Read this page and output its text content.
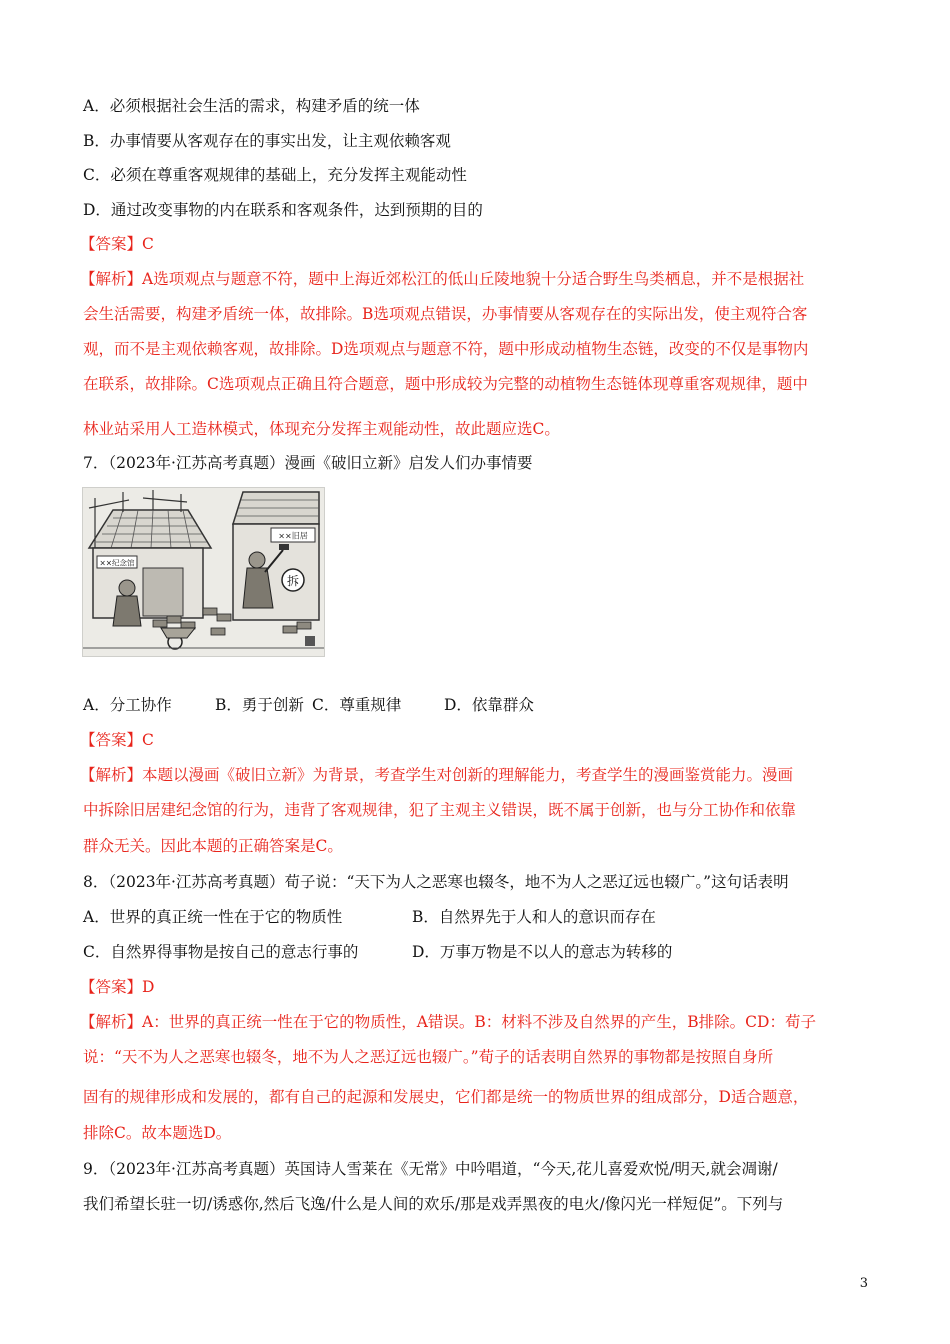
A．必须根据社会生活的需求，构建矛盾的统一体
B．办事情要从客观存在的事实出发，让主观依赖客观
C．必须在尊重客观规律的基础上，充分发挥主观能动性
D．通过改变事物的内在联系和客观条件，达到预期的目的
【答案】C
【解析】A选项观点与题意不符，题中上海近郊松江的低山丘陵地貌十分适合野生鸟类栖息，并不是根据社
会生活需要，构建矛盾统一体，故排除。B选项观点错误，办事情要从客观存在的实际出发，使主观符合客
观，而不是主观依赖客观，故排除。D选项观点与题意不符，题中形成动植物生态链，改变的不仅是事物内
在联系，故排除。C选项观点正确且符合题意，题中形成较为完整的动植物生态链体现尊重客观规律，题中
林业站采用人工造林模式，体现充分发挥主观能动性，故此题应选C。
7．（2023年·江苏高考真题）漫画《破旧立新》启发人们办事情要
××纪念馆
××旧居
拆
A．分工协作	B．勇于创新 C．尊重规律	D．依靠群众
【答案】C
【解析】本题以漫画《破旧立新》为背景，考查学生对创新的理解能力，考查学生的漫画鉴赏能力。漫画
中拆除旧居建纪念馆的行为，违背了客观规律，犯了主观主义错误，既不属于创新，也与分工协作和依靠
群众无关。因此本题的正确答案是C。
8．（2023年·江苏高考真题）荀子说：“天下为人之恶寒也辍冬，地不为人之恶辽远也辍广。”这句话表明
A．世界的真正统一性在于它的物质性	B．自然界先于人和人的意识而存在
C．自然界得事物是按自己的意志行事的	D．万事万物是不以人的意志为转移的
【答案】D
【解析】A：世界的真正统一性在于它的物质性，A错误。B：材料不涉及自然界的产生，B排除。CD：荀子
说：“天不为人之恶寒也辍冬，地不为人之恶辽远也辍广。”荀子的话表明自然界的事物都是按照自身所
固有的规律形成和发展的，都有自己的起源和发展史，它们都是统一的物质世界的组成部分，D适合题意，
排除C。故本题选D。
9．（2023年·江苏高考真题）英国诗人雪莱在《无常》中吟唱道，“今天,花儿喜爱欢悦/明天,就会凋谢/
我们希望长驻一切/诱惑你,然后飞逸/什么是人间的欢乐/那是戏弄黑夜的电火/像闪光一样短促”。下列与
3
